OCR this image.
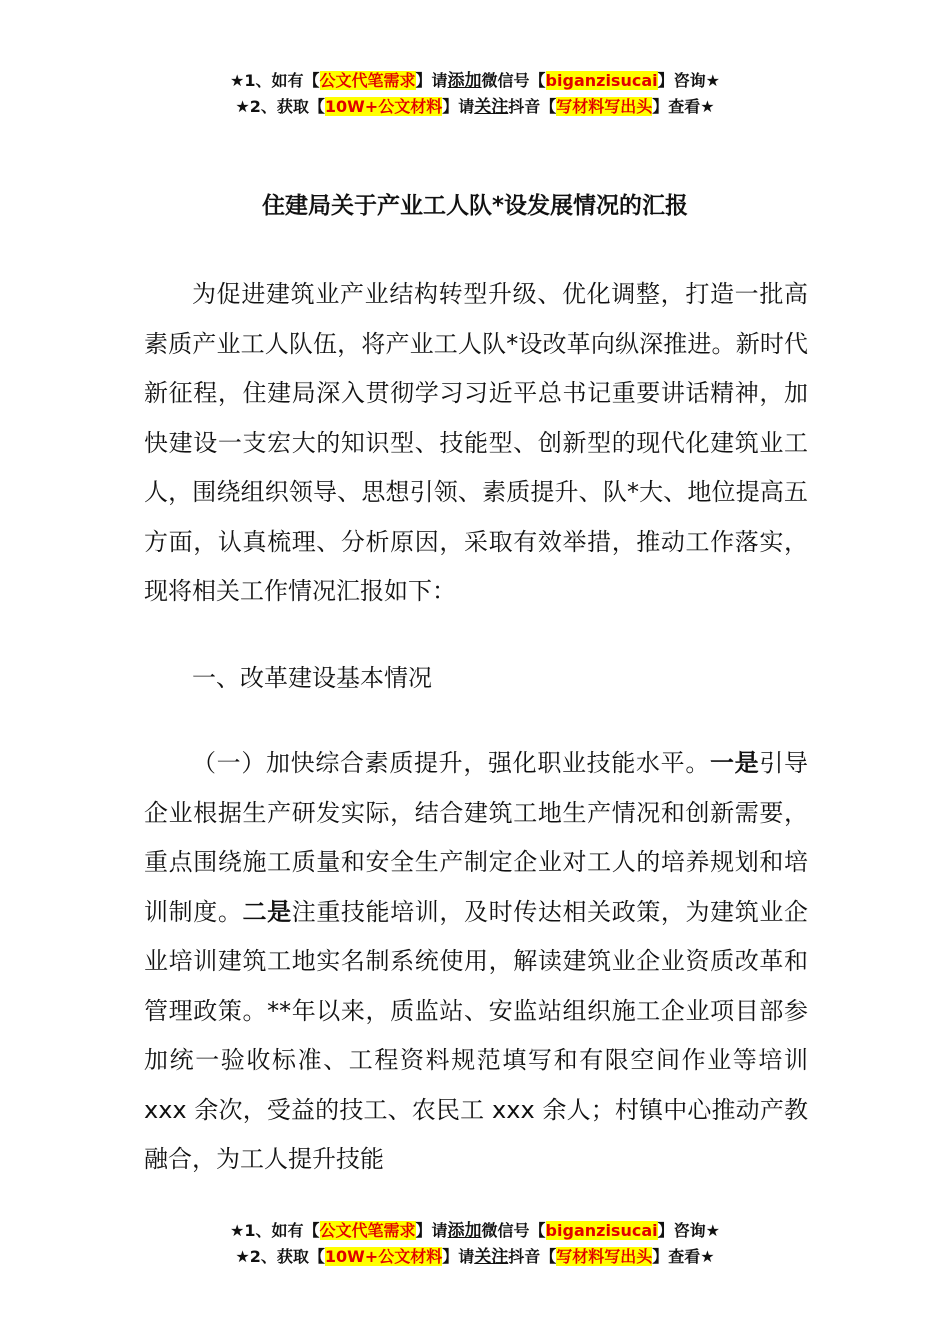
★1、如有【公文代笔需求】请添加微信号【biganzisucai】咨询★
★2、获取【10W+公文材料】请关注抖音【写材料写出头】查看★
住建局关于产业工人队*设发展情况的汇报

为促进建筑业产业结构转型升级、优化调整，打造一批高素质产业工人队伍，将产业工人队*设改革向纵深推进。新时代新征程，住建局深入贯彻学习习近平总书记重要讲话精神，加快建设一支宏大的知识型、技能型、创新型的现代化建筑业工人，围绕组织领导、思想引领、素质提升、队*大、地位提高五方面，认真梳理、分析原因，采取有效举措，推动工作落实，现将相关工作情况汇报如下：

一、改革建设基本情况

（一）加快综合素质提升，强化职业技能水平。一是引导企业根据生产研发实际，结合建筑工地生产情况和创新需要，重点围绕施工质量和安全生产制定企业对工人的培养规划和培训制度。二是注重技能培训，及时传达相关政策，为建筑业企业培训建筑工地实名制系统使用，解读建筑业企业资质改革和管理政策。**年以来，质监站、安监站组织施工企业项目部参加统一验收标准、工程资料规范填写和有限空间作业等培训 xxx 余次，受益的技工、农民工 xxx 余人；村镇中心推动产教融合，为工人提升技能

★1、如有【公文代笔需求】请添加微信号【biganzisucai】咨询★
★2、获取【10W+公文材料】请关注抖音【写材料写出头】查看★
